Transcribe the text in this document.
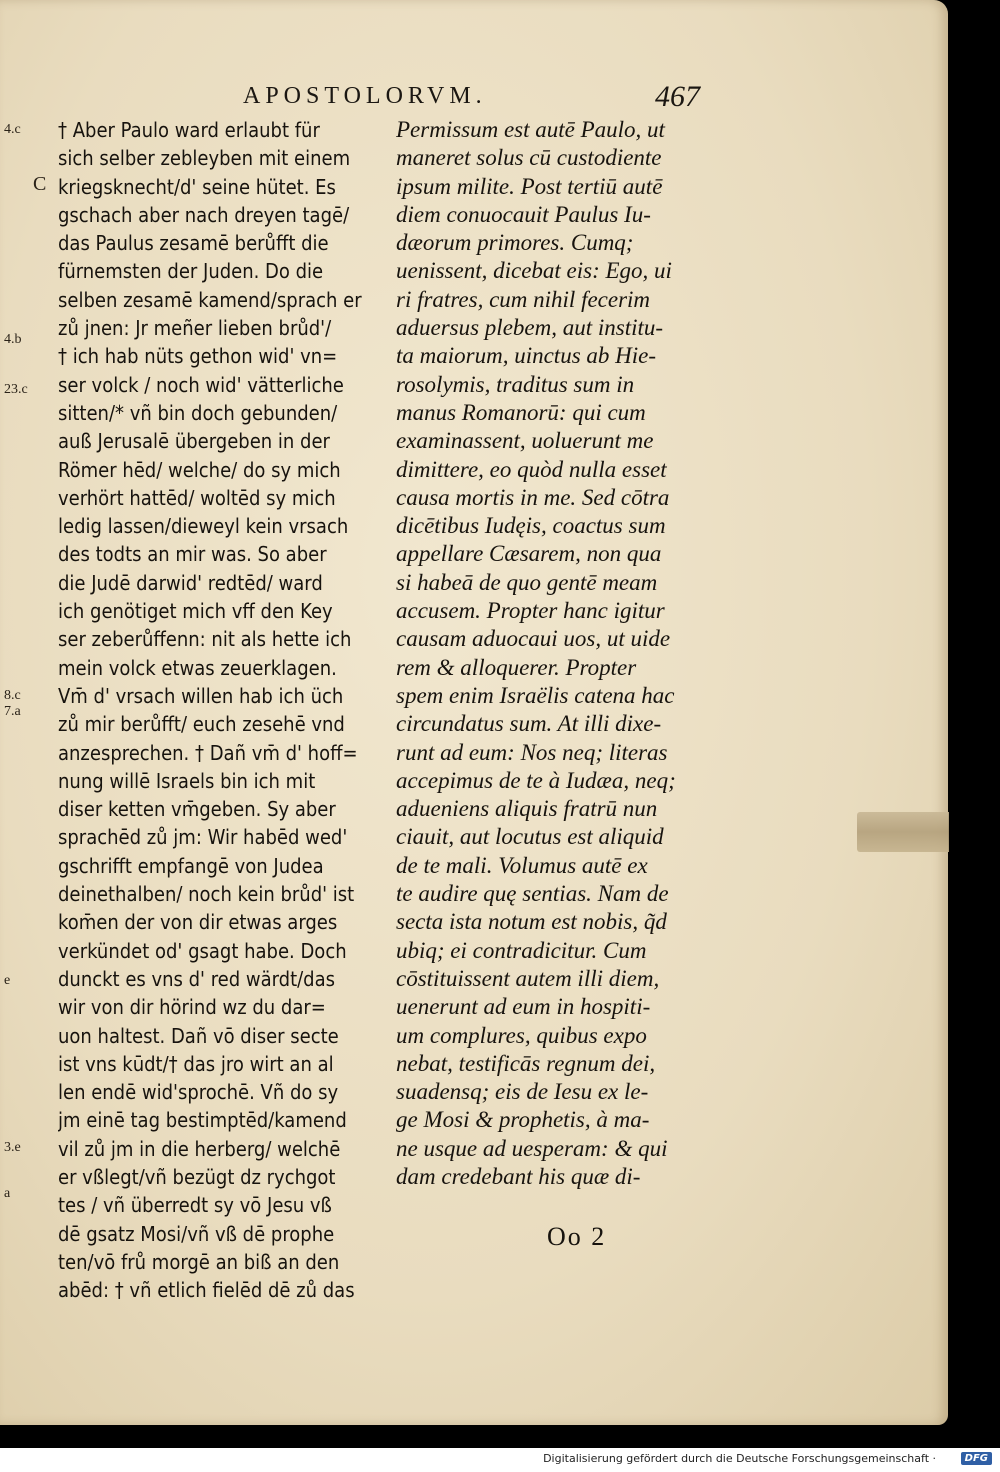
APOSTOLORVM.	467
4.c
C
4.b
23.c
8.c
7.a
e
3.e
a
† Aber Paulo ward erlaubt für
sich selber zebleyben mit einem
kriegsknecht/d' seine hütet. Es
gschach aber nach dreyen tagē/
das Paulus zesamē berůfft die
fürnemsten der Juden. Do die
selben zesamē kamend/sprach er
zů jnen: Jr meñer lieben brůd'/
† ich hab nüts gethon wid' vn=
ser volck / noch wid' vätterliche
sitten/* vñ bin doch gebunden/
auß Jerusalē übergeben in der
Römer hēd/ welche/ do sy mich
verhört hattēd/ woltēd sy mich
ledig lassen/dieweyl kein vrsach
des todts an mir was. So aber
die Judē darwid' redtēd/ ward
ich genötiget mich vff den Key
ser zeberůffenn: nit als hette ich
mein volck etwas zeuerklagen.
Vm̄ d' vrsach willen hab ich üch
zů mir berůfft/ euch zesehē vnd
anzesprechen. † Dañ vm̄ d' hoff=
nung willē Israels bin ich mit
diser ketten vm̄geben. Sy aber
sprachēd zů jm: Wir habēd wed'
gschrifft empfangē von Judea
deinethalben/ noch kein brůd' ist
kom̄en der von dir etwas arges
verkündet od' gsagt habe. Doch
dunckt es vns d' red wärdt/das
wir von dir hörind wz du dar=
uon haltest. Dañ vō diser secte
ist vns kūdt/† das jro wirt an al
len endē wid'sprochē. Vñ do sy
jm einē tag bestimptēd/kamend
vil zů jm in die herberg/ welchē
er vßlegt/vñ bezügt dz rychgot
tes / vñ überredt sy vō Jesu vß
dē gsatz Mosi/vñ vß dē prophe
ten/vō frů morgē an biß an den
abēd: † vñ etlich fielēd dē zů das
Permissum est autē Paulo, ut
maneret solus cū custodiente
ipsum milite. Post tertiū autē
diem conuocauit Paulus Iu-
dæorum primores. Cumq;
uenissent, dicebat eis: Ego, ui
ri fratres, cum nihil fecerim
aduersus plebem, aut institu-
ta maiorum, uinctus ab Hie-
rosolymis, traditus sum in
manus Romanorū: qui cum
examinassent, uoluerunt me
dimittere, eo quòd nulla esset
causa mortis in me. Sed cōtra
dicētibus Iudęis, coactus sum
appellare Cæsarem, non qua
si habeā de quo gentē meam
accusem. Propter hanc igitur
causam aduocaui uos, ut uide
rem & alloquerer. Propter
spem enim Israëlis catena hac
circundatus sum. At illi dixe-
runt ad eum: Nos neq; literas
accepimus de te à Iudæa, neq;
adueniens aliquis fratrū nun
ciauit, aut locutus est aliquid
de te mali. Volumus autē ex
te audire quę sentias. Nam de
secta ista notum est nobis, q̃d
ubiq; ei contradicitur. Cum
cōstituissent autem illi diem,
uenerunt ad eum in hospiti-
um complures, quibus expo
nebat, testificās regnum dei,
suadensq; eis de Iesu ex le-
ge Mosi & prophetis, à ma-
ne usque ad uesperam: & qui
dam credebant his quæ di-
Oo 2
Digitalisierung gefördert durch die Deutsche Forschungsgemeinschaft ·	DFG
